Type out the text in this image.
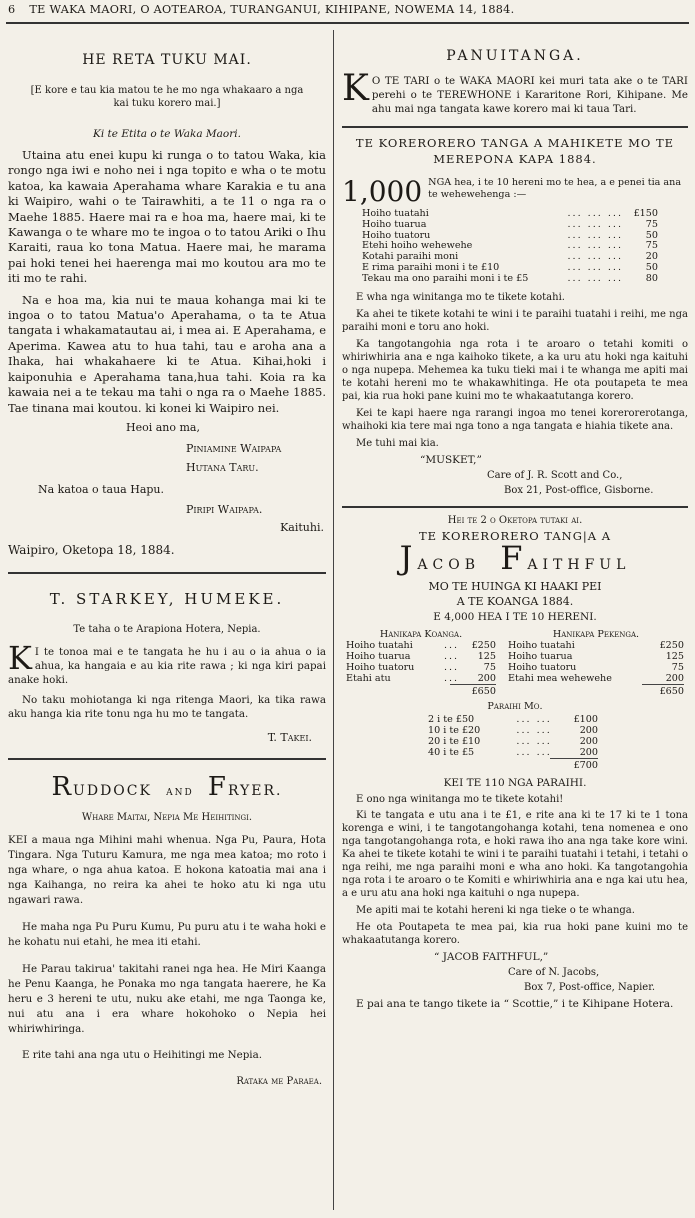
6 TE WAKA MAORI, O AOTEAROA, TURANGANUI, KIHIPANE, NOWEMA 14, 1884.

HE RETA TUKU MAI.

[E kore e tau kia matou te he mo nga whakaaro a nga kai tuku korero mai.]

Ki te Etita o te Waka Maori.

Utaina atu enei kupu ki runga o to tatou Waka, kia rongo nga iwi e noho nei i nga topito e wha o te motu katoa, ka kawaia Aperahama whare Karakia e tu ana ki Waipiro, wahi o te Tairawhiti, a te 11 o nga ra o Maehe 1885. Haere mai ra e hoa ma, haere mai, ki te Kawanga o te whare mo te ingoa o to tatou Ariki o Ihu Karaiti, raua ko tona Matua. Haere mai, he marama pai hoki tenei hei haerenga mai mo koutou ara mo te iti mo te rahi.

Na e hoa ma, kia nui te maua kohanga mai ki te ingoa o to tatou Matua'o Aperahama, o ta te Atua tangata i whakamatautau ai, i mea ai. E Aperahama, e Aperima. Kawea atu to hua tahi, tau e aroha ana a Ihaka, hai whakahaere ki te Atua. Kihai,hoki i kaiponuhia e Aperahama tana,hua tahi. Koia ra ka kawaia nei a te tekau ma tahi o nga ra o Maehe 1885. Tae tinana mai koutou. ki konei ki Waipiro nei.

Heoi ano ma,

Piniamine Waipapa

Hutana Taru.

Na katoa o taua Hapu.

Piripi Waipapa.

Kaituhi.

Waipiro, Oketopa 18, 1884.

T. STARKEY, HUMEKE.

Te taha o te Arapiona Hotera, Nepia.

K I te tonoa mai e te tangata he hu i au o ia ahua o ia ahua, ka hangaia e au kia rite rawa ; ki nga kiri papai anake hoki.

No taku mohiotanga ki nga ritenga Maori, ka tika rawa aku hanga kia rite tonu nga hu mo te tangata.

T. Takei.

RUDDOCK AND FRYER.

Whare Maitai, Nepia Me Heihitingi.

KEI a maua nga Mihini mahi whenua. Nga Pu, Paura, Hota Tingara. Nga Tuturu Kamura, me nga mea katoa; mo roto i nga whare, o nga ahua katoa. E hokona katoatia mai ana i nga Kaihanga, no reira ka ahei te hoko atu ki nga utu ngawari rawa.

He maha nga Pu Puru Kumu, Pu puru atu i te waha hoki e he kohatu nui etahi, he mea iti etahi.

He Parau takirua' takitahi ranei nga hea. He Miri Kaanga he Penu Kaanga, he Ponaka mo nga tangata haerere, he Ka heru e 3 hereni te utu, nuku ake etahi, me nga Taonga ke, nui atu ana i era whare hokohoko o Nepia hei whiriwhiringa.

E rite tahi ana nga utu o Heihitingi me Nepia.

Rataka me Paraea.

PANUITANGA.

K O TE TARI o te WAKA MAORI kei muri tata ake o te TARI perehi o te TEREWHONE i Kararitone Rori, Kihipane. Me ahu mai nga tangata kawe korero mai ki taua Tari.

TE KORERORERO TANGA A MAHIKETE MO TE MEREPONA KAPA 1884.

1,000 NGA hea, i te 10 hereni mo te hea, a e penei tia ana te wehewehenga :—
Hoiho tuatahi	... ... ...	£150
Hoiho tuarua	... ... ...	75
Hoiho tuatoru	... ... ...	50
Etehi hoiho wehewehe	... ... ...	75
Kotahi paraihi moni	... ... ...	20
E rima paraihi moni i te £10	... ... ...	50
Tekau ma ono paraihi moni i te £5	... ... ...	80

E wha nga winitanga mo te tikete kotahi.

Ka ahei te tikete kotahi te wini i te paraihi tuatahi i reihi, me nga paraihi moni e toru ano hoki.

Ka tangotangohia nga rota i te aroaro o tetahi komiti o whiriwhiria ana e nga kaihoko tikete, a ka uru atu hoki nga kaituhi o nga nupepa. Mehemea ka tuku tieki mai i te whanga me apiti mai te kotahi hereni mo te whakawhitinga. He ota poutapeta te mea pai, kia rua hoki pane kuini mo te whakaatutanga korero.

Kei te kapi haere nga rarangi ingoa mo tenei korerorerotanga, whaihoki kia tere mai nga tono a nga tangata e hiahia tikete ana.

Me tuhi mai kia.

“MUSKET,”

Care of J. R. Scott and Co.,

Box 21, Post-office, Gisborne.

Hei te 2 o Oketopa tutaki ai.

TE KORERORERO TANG|A A

JACOB FAITHFUL

MO TE HUINGA KI HAAKI PEI

A TE KOANGA 1884.

E 4,000 HEA I TE 10 HERENI.

Hanikapa Koanga.

Hoiho tuatahi	...	£250
Hoiho tuarua	...	125
Hoiho tuatoru	...	75
Etahi atu	...	200

£650

Hanikapa Pekenga.

Hoiho tuatahi	£250
Hoiho tuarua	125
Hoiho tuatoru	75
Etahi mea wehewehe	200

£650

Paraihi Mo.

2 i te £50	... ...	£100
10 i te £20	... ...	200
20 i te £10	... ...	200
40 i te £5	... ...	200

£700

KEI TE 110 NGA PARAIHI.

E ono nga winitanga mo te tikete kotahi!

Ki te tangata e utu ana i te £1, e rite ana ki te 17 ki te 1 tona korenga e wini, i te tangotangohanga kotahi, tena nomenea e ono nga tangotangohanga rota, e hoki rawa iho ana nga take kore wini. Ka ahei te tikete kotahi te wini i te paraihi tuatahi i tetahi, i tetahi o nga reihi, me nga paraihi moni e wha ano hoki. Ka tangotangohia nga rota i te aroaro o te Komiti e whiriwhiria ana e nga kai utu hea, a e uru atu ana hoki nga kaituhi o nga nupepa.

Me apiti mai te kotahi hereni ki nga tieke o te whanga.

He ota Poutapeta te mea pai, kia rua hoki pane kuini mo te whakaatutanga korero.

“ JACOB FAITHFUL,”

Care of N. Jacobs,

Box 7, Post-office, Napier.

E pai ana te tango tikete ia “ Scottie,” i te Kihipane Hotera.
